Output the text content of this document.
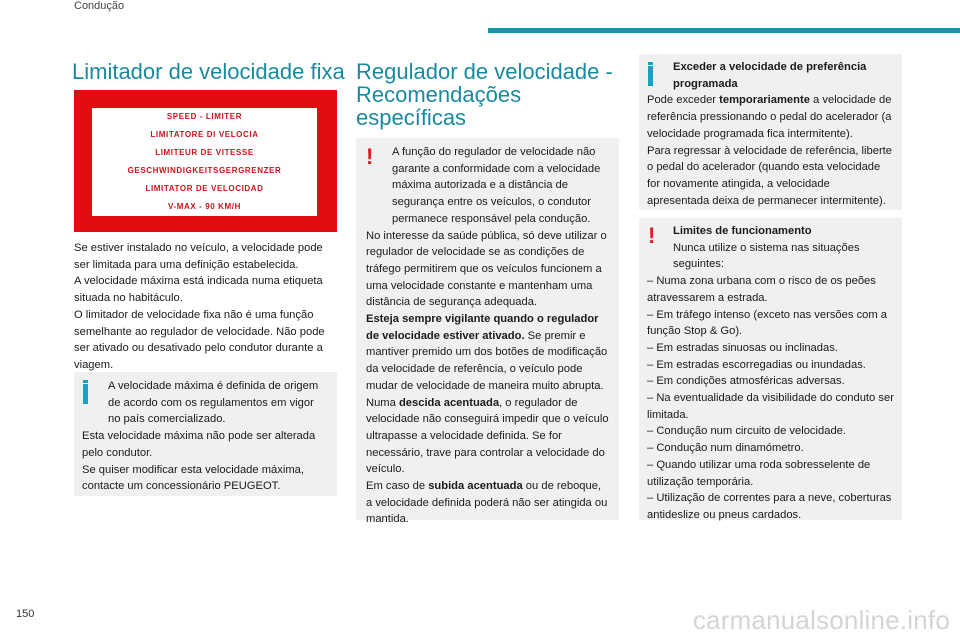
Condução
Limitador de velocidade fixa
SPEED - LIMITER
LIMITATORE DI VELOCIA
LIMITEUR DE VITESSE
GESCHWINDIGKEITSGERGRENZER
LIMITATOR DE VELOCIDAD
V-MAX - 90 KM/H

Se estiver instalado no veículo, a velocidade pode ser limitada para uma definição estabelecida.

A velocidade máxima está indicada numa etiqueta situada no habitáculo.

O limitador de velocidade fixa não é uma função semelhante ao regulador de velocidade. Não pode ser ativado ou desativado pelo condutor durante a viagem.

A velocidade máxima é definida de origem de acordo com os regulamentos em vigor no país comercializado.

Esta velocidade máxima não pode ser alterada pelo condutor.

Se quiser modificar esta velocidade máxima, contacte um concessionário PEUGEOT.

Regulador de velocidade - Recomendações específicas
!	A função do regulador de velocidade não garante a conformidade com a velocidade máxima autorizada e a distância de segurança entre os veículos, o condutor permanece responsável pela condução.

No interesse da saúde pública, só deve utilizar o regulador de velocidade se as condições de tráfego permitirem que os veículos funcionem a uma velocidade constante e mantenham uma distância de segurança adequada.

Esteja sempre vigilante quando o regulador de velocidade estiver ativado. Se premir e mantiver premido um dos botões de modificação da velocidade de referência, o veículo pode mudar de velocidade de maneira muito abrupta.

Numa descida acentuada, o regulador de velocidade não conseguirá impedir que o veículo ultrapasse a velocidade definida. Se for necessário, trave para controlar a velocidade do veículo.

Em caso de subida acentuada ou de reboque, a velocidade definida poderá não ser atingida ou mantida.

Exceder a velocidade de preferência programada

Pode exceder temporariamente a velocidade de referência pressionando o pedal do acelerador (a velocidade programada fica intermitente).

Para regressar à velocidade de referência, liberte o pedal do acelerador (quando esta velocidade for novamente atingida, a velocidade apresentada deixa de permanecer intermitente).

!	Limites de funcionamento

Nunca utilize o sistema nas situações seguintes:

– Numa zona urbana com o risco de os peões atravessarem a estrada.

– Em tráfego intenso (exceto nas versões com a função Stop & Go).

– Em estradas sinuosas ou inclinadas.

– Em estradas escorregadias ou inundadas.

– Em condições atmosféricas adversas.

– Na eventualidade da visibilidade do conduto ser limitada.

– Condução num circuito de velocidade.

– Condução num dinamómetro.

– Quando utilizar uma roda sobresselente de utilização temporária.

– Utilização de correntes para a neve, coberturas antideslize ou pneus cardados.

150	carmanualsonline.info
